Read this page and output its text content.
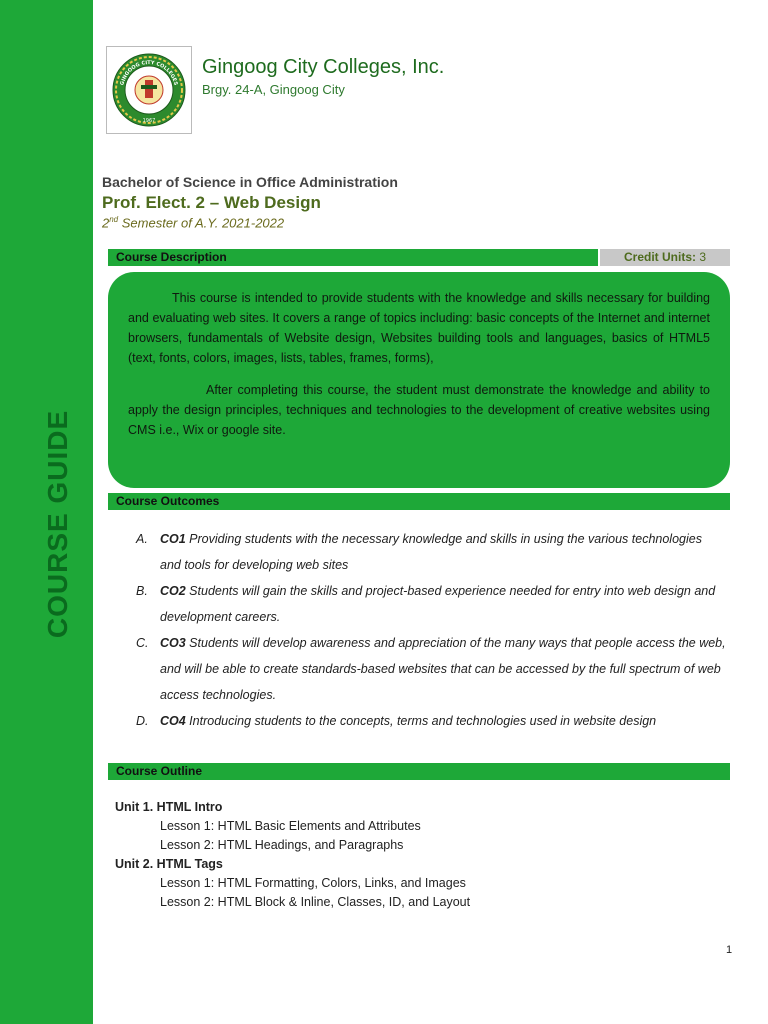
COURSE GUIDE
GINGOOG CITY COLLEGES
1967
Gingoog City Colleges, Inc.
Brgy. 24-A, Gingoog City
Bachelor of Science in Office Administration
Prof. Elect. 2 – Web Design
2nd Semester of A.Y. 2021-2022
Course Description	Credit Units: 3

This course is intended to provide students with the knowledge and skills necessary for building and evaluating web sites. It covers a range of topics including: basic concepts of the Internet and internet browsers, fundamentals of Website design, Websites building tools and languages, basics of HTML5 (text, fonts, colors, images, lists, tables, frames, forms),

After completing this course, the student must demonstrate the knowledge and ability to apply the design principles, techniques and technologies to the development of creative websites using CMS i.e., Wix or google site.

Course Outcomes
A. CO1 Providing students with the necessary knowledge and skills in using the various technologies and tools for developing web sites
B. CO2 Students will gain the skills and project-based experience needed for entry into web design and development careers.
C. CO3 Students will develop awareness and appreciation of the many ways that people access the web, and will be able to create standards-based websites that can be accessed by the full spectrum of web access technologies.
D. CO4 Introducing students to the concepts, terms and technologies used in website design
Course Outline
Unit 1. HTML Intro
Lesson 1: HTML Basic Elements and Attributes
Lesson 2: HTML Headings, and Paragraphs
Unit 2. HTML Tags
Lesson 1: HTML Formatting, Colors, Links, and Images
Lesson 2: HTML Block & Inline, Classes, ID, and Layout
1
